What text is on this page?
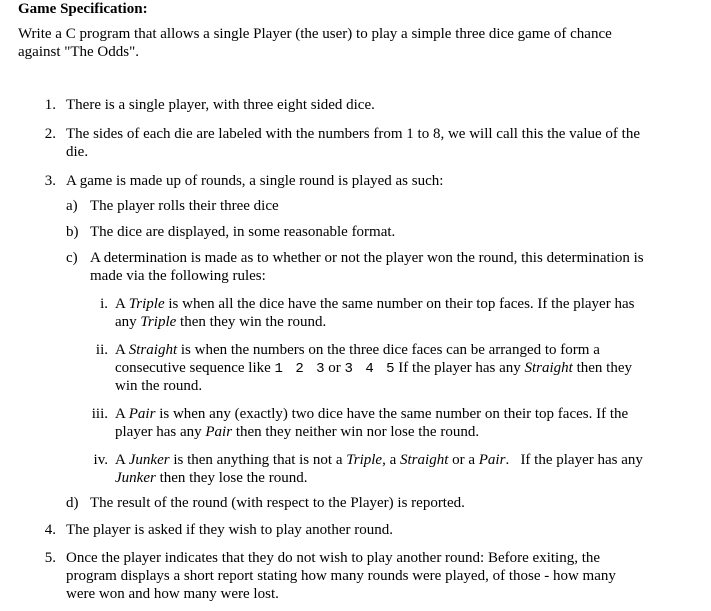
Game Specification:
Write a C program that allows a single Player (the user) to play a simple three dice game of chance
against "The Odds".
1. There is a single player, with three eight sided dice.
2. The sides of each die are labeled with the numbers from 1 to 8, we will call this the value of the
die.
3. A game is made up of rounds, a single round is played as such:
a) The player rolls their three dice
b) The dice are displayed, in some reasonable format.
c) A determination is made as to whether or not the player won the round, this determination is
made via the following rules:
i. A Triple is when all the dice have the same number on their top faces. If the player has
any Triple then they win the round.
ii. A Straight is when the numbers on the three dice faces can be arranged to form a
consecutive sequence like 1 2 3 or 3 4 5 If the player has any Straight then they
win the round.
iii. A Pair is when any (exactly) two dice have the same number on their top faces. If the
player has any Pair then they neither win nor lose the round.
iv. A Junker is then anything that is not a Triple, a Straight or a Pair.   If the player has any
Junker then they lose the round.
d) The result of the round (with respect to the Player) is reported.
4. The player is asked if they wish to play another round.
5. Once the player indicates that they do not wish to play another round: Before exiting, the
program displays a short report stating how many rounds were played, of those - how many
were won and how many were lost.
